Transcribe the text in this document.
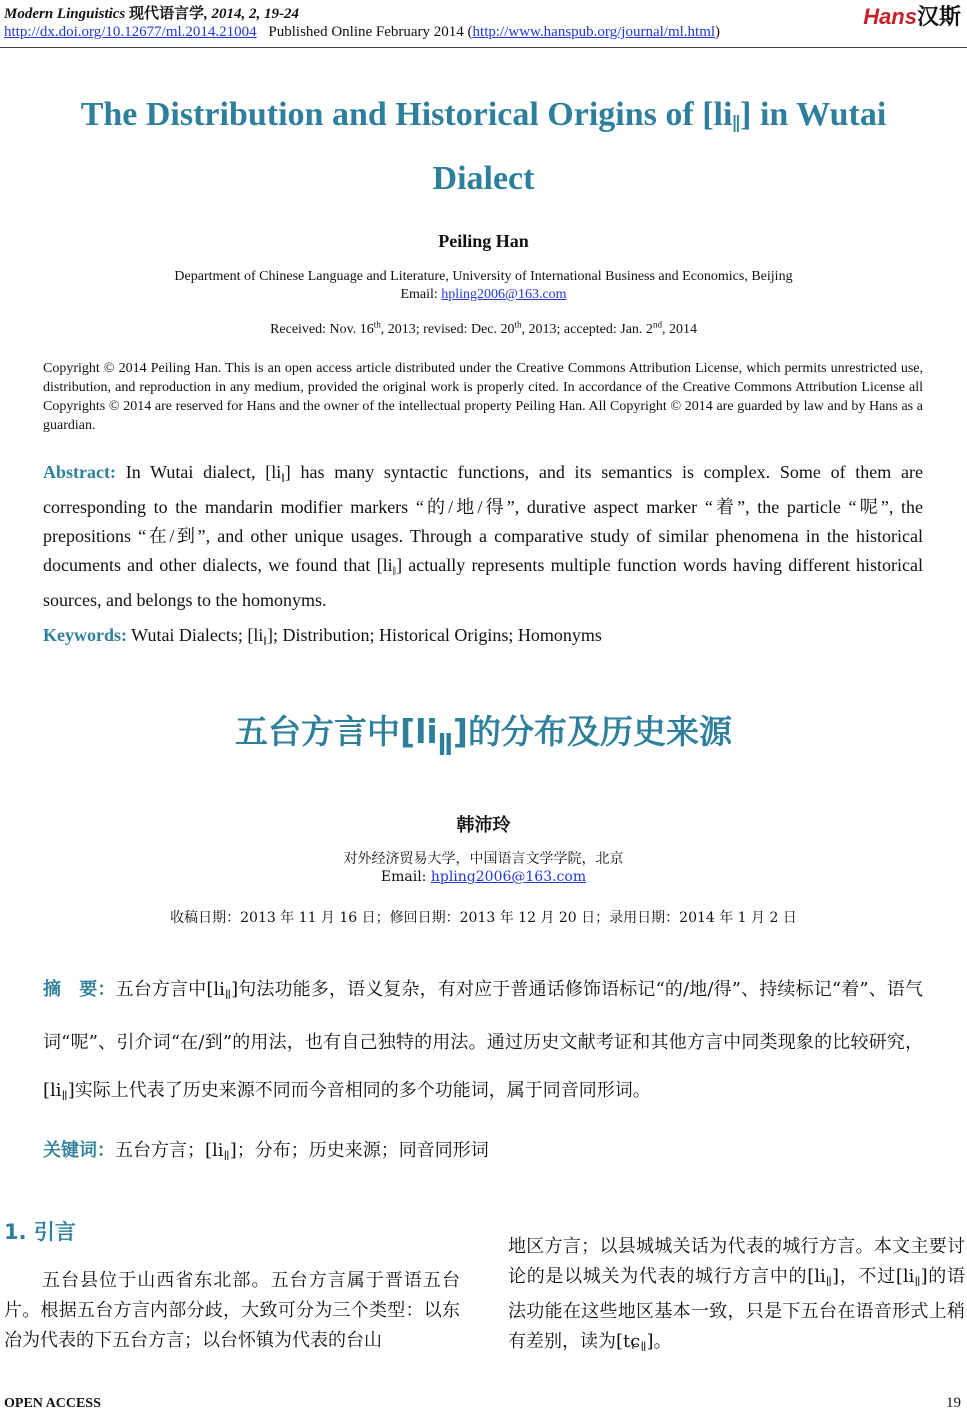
Modern Linguistics 现代语言学, 2014, 2, 19-24
http://dx.doi.org/10.12677/ml.2014.21004 Published Online February 2014 (http://www.hanspub.org/journal/ml.html)
Hans汉斯
The Distribution and Historical Origins of $[li_ǁ]$ in Wutai Dialect
Peiling Han
Department of Chinese Language and Literature, University of International Business and Economics, Beijing
Email: hpling2006@163.com
Received: Nov. 16th, 2013; revised: Dec. 20th, 2013; accepted: Jan. 2nd, 2014
Copyright © 2014 Peiling Han. This is an open access article distributed under the Creative Commons Attribution License, which permits unrestricted use, distribution, and reproduction in any medium, provided the original work is properly cited. In accordance of the Creative Commons Attribution License all Copyrights © 2014 are reserved for Hans and the owner of the intellectual property Peiling Han. All Copyright © 2014 are guarded by law and by Hans as a guardian.
Abstract: In Wutai dialect, $[li_ǁ]$ has many syntactic functions, and its semantics is complex. Some of them are corresponding to the mandarin modifier markers “的/地/得”, durative aspect marker “着”, the particle “呢”, the prepositions “在/到”, and other unique usages. Through a comparative study of similar phenomena in the historical documents and other dialects, we found that $[li_ǁ]$ actually represents multiple function words having different historical sources, and belongs to the homonyms.
Keywords: Wutai Dialects; $[li_ǁ]$; Distribution; Historical Origins; Homonyms
五台方言中$[li_ǁ]$的分布及历史来源
韩沛玲
对外经济贸易大学，中国语言文学学院，北京
Email: hpling2006@163.com
收稿日期：2013 年 11 月 16 日；修回日期：2013 年 12 月 20 日；录用日期：2014 年 1 月 2 日
摘　要：五台方言中$[li_ǁ]$句法功能多，语义复杂，有对应于普通话修饰语标记“的/地/得”、持续标记“着”、语气词“呢”、引介词“在/到”的用法，也有自己独特的用法。通过历史文献考证和其他方言中同类现象的比较研究，$[li_ǁ]$实际上代表了历史来源不同而今音相同的多个功能词，属于同音同形词。
关键词：五台方言；$[li_ǁ]$；分布；历史来源；同音同形词
1. 引言

五台县位于山西省东北部。五台方言属于晋语五台片。根据五台方言内部分歧，大致可分为三个类型：以东冶为代表的下五台方言；以台怀镇为代表的台山

地区方言；以县城城关话为代表的城行方言。本文主要讨论的是以城关为代表的城行方言中的$[li_ǁ]$，不过$[li_ǁ]$的语法功能在这些地区基本一致，只是下五台在语音形式上稍有差别，读为[tɕ$_ǁ$]。
OPEN ACCESS	19
